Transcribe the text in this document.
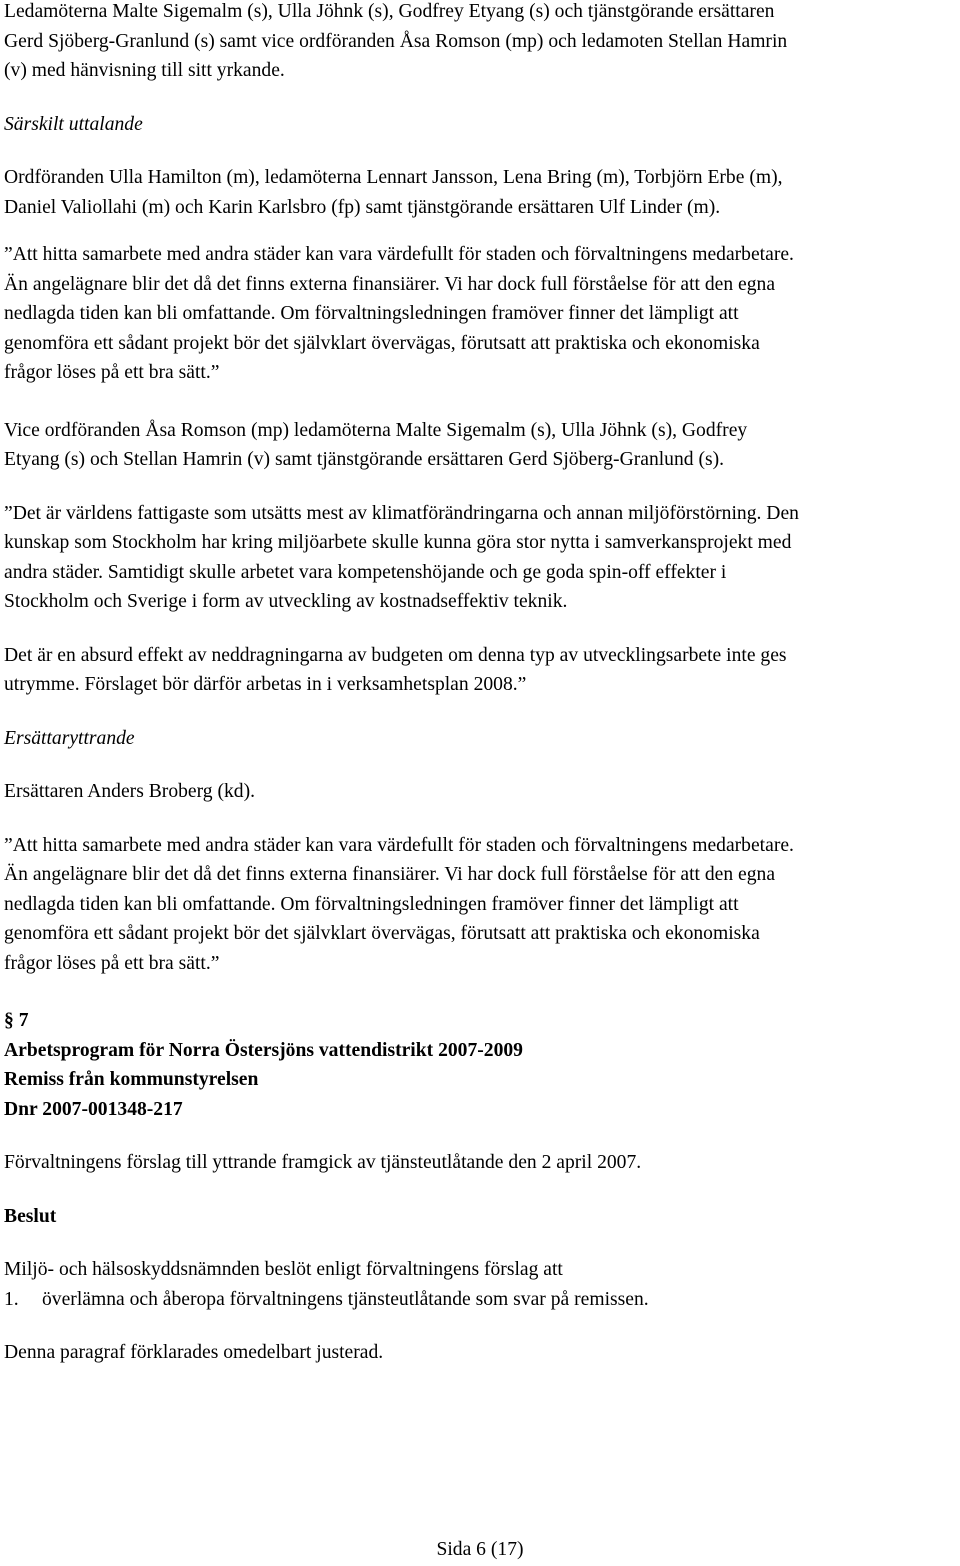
Ledamöterna Malte Sigemalm (s), Ulla Jöhnk (s), Godfrey Etyang (s) och tjänstgörande ersättaren
Gerd Sjöberg-Granlund (s) samt vice ordföranden Åsa Romson (mp) och ledamoten Stellan Hamrin
(v) med hänvisning till sitt yrkande.
Särskilt uttalande
Ordföranden Ulla Hamilton (m), ledamöterna Lennart Jansson, Lena Bring (m), Torbjörn Erbe (m),
Daniel Valiollahi (m) och Karin Karlsbro (fp) samt tjänstgörande ersättaren Ulf Linder (m).
”Att hitta samarbete med andra städer kan vara värdefullt för staden och förvaltningens medarbetare.
Än angelägnare blir det då det finns externa finansiärer. Vi har dock full förståelse för att den egna
nedlagda tiden kan bli omfattande. Om förvaltningsledningen framöver finner det lämpligt att
genomföra ett sådant projekt bör det självklart övervägas, förutsatt att praktiska och ekonomiska
frågor löses på ett bra sätt.”
Vice ordföranden Åsa Romson (mp) ledamöterna Malte Sigemalm (s), Ulla Jöhnk (s), Godfrey
Etyang (s) och Stellan Hamrin (v) samt tjänstgörande ersättaren Gerd Sjöberg-Granlund (s).
”Det är världens fattigaste som utsätts mest av klimatförändringarna och annan miljöförstörning. Den
kunskap som Stockholm har kring miljöarbete skulle kunna göra stor nytta i samverkansprojekt med
andra städer. Samtidigt skulle arbetet vara kompetenshöjande och ge goda spin-off effekter i
Stockholm och Sverige i form av utveckling av kostnadseffektiv teknik.
Det är en absurd effekt av neddragningarna av budgeten om denna typ av utvecklingsarbete inte ges
utrymme. Förslaget bör därför arbetas in i verksamhetsplan 2008.”
Ersättaryttrande
Ersättaren Anders Broberg (kd).
”Att hitta samarbete med andra städer kan vara värdefullt för staden och förvaltningens medarbetare.
Än angelägnare blir det då det finns externa finansiärer. Vi har dock full förståelse för att den egna
nedlagda tiden kan bli omfattande. Om förvaltningsledningen framöver finner det lämpligt att
genomföra ett sådant projekt bör det självklart övervägas, förutsatt att praktiska och ekonomiska
frågor löses på ett bra sätt.”
§ 7
Arbetsprogram för Norra Östersjöns vattendistrikt 2007-2009
Remiss från kommunstyrelsen
Dnr 2007-001348-217
Förvaltningens förslag till yttrande framgick av tjänsteutlåtande den 2 april 2007.
Beslut
Miljö- och hälsoskyddsnämnden beslöt enligt förvaltningens förslag att
1. överlämna och åberopa förvaltningens tjänsteutlåtande som svar på remissen.
Denna paragraf förklarades omedelbart justerad.
Sida 6 (17)
